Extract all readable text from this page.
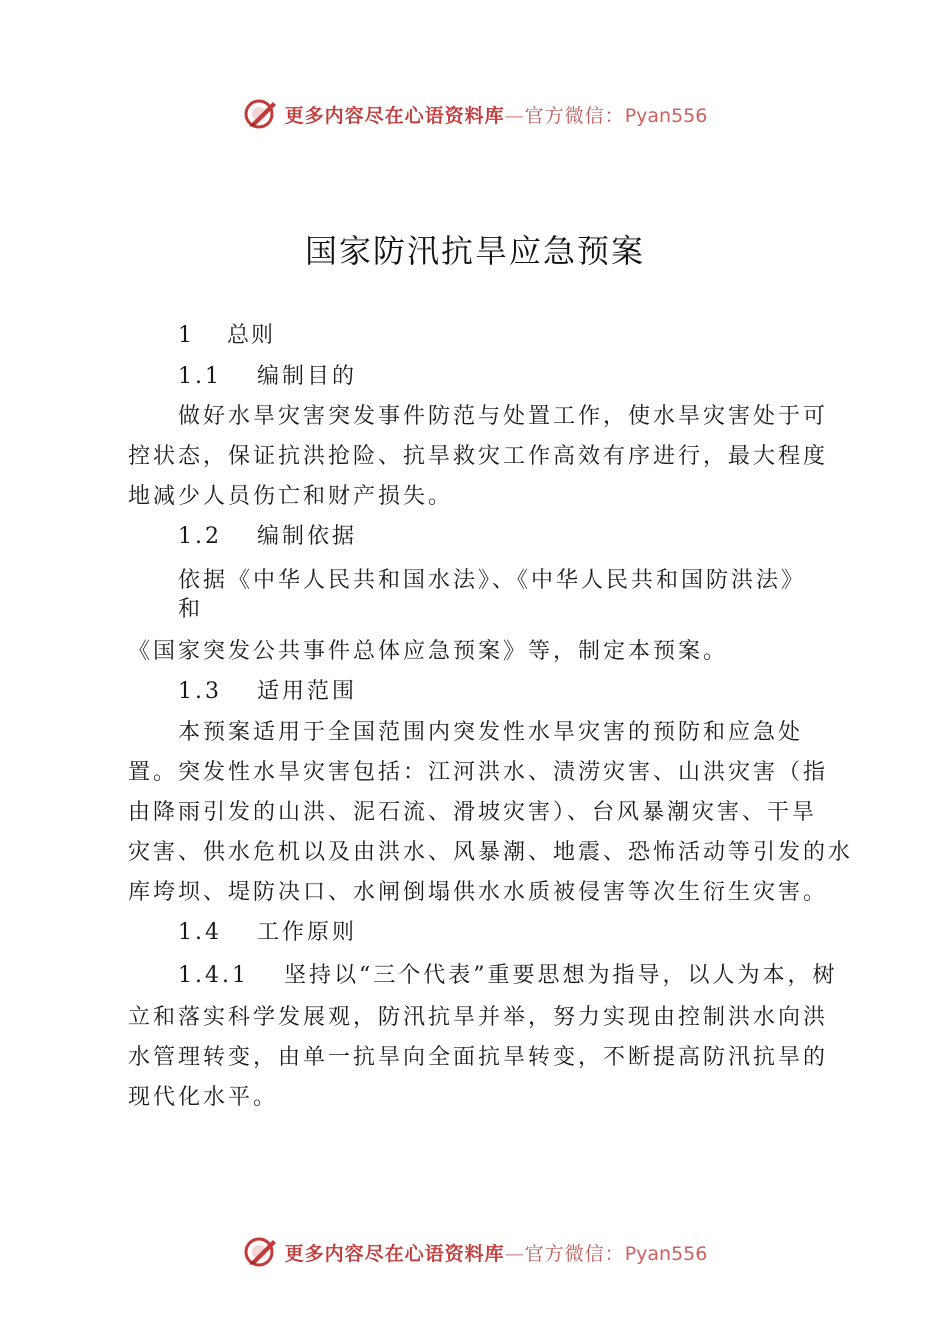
更多内容尽在心语资料库—官方微信：Pyan556
国家防汛抗旱应急预案
1　 总则
1.1　 编制目的
做好水旱灾害突发事件防范与处置工作，使水旱灾害处于可
控状态，保证抗洪抢险、抗旱救灾工作高效有序进行，最大程度
地减少人员伤亡和财产损失。
1.2　 编制依据
依据《中华人民共和国水法》、《中华人民共和国防洪法》
和
《国家突发公共事件总体应急预案》等，制定本预案。
1.3　 适用范围
本预案适用于全国范围内突发性水旱灾害的预防和应急处
置。突发性水旱灾害包括：江河洪水、渍涝灾害、山洪灾害（指
由降雨引发的山洪、泥石流、滑坡灾害）、台风暴潮灾害、干旱
灾害、供水危机以及由洪水、风暴潮、地震、恐怖活动等引发的水
库垮坝、堤防决口、水闸倒塌供水水质被侵害等次生衍生灾害。
1.4　 工作原则
1.4.1　 坚持以“三个代表”重要思想为指导，以人为本，树
立和落实科学发展观，防汛抗旱并举，努力实现由控制洪水向洪
水管理转变，由单一抗旱向全面抗旱转变，不断提高防汛抗旱的
现代化水平。
更多内容尽在心语资料库—官方微信：Pyan556
